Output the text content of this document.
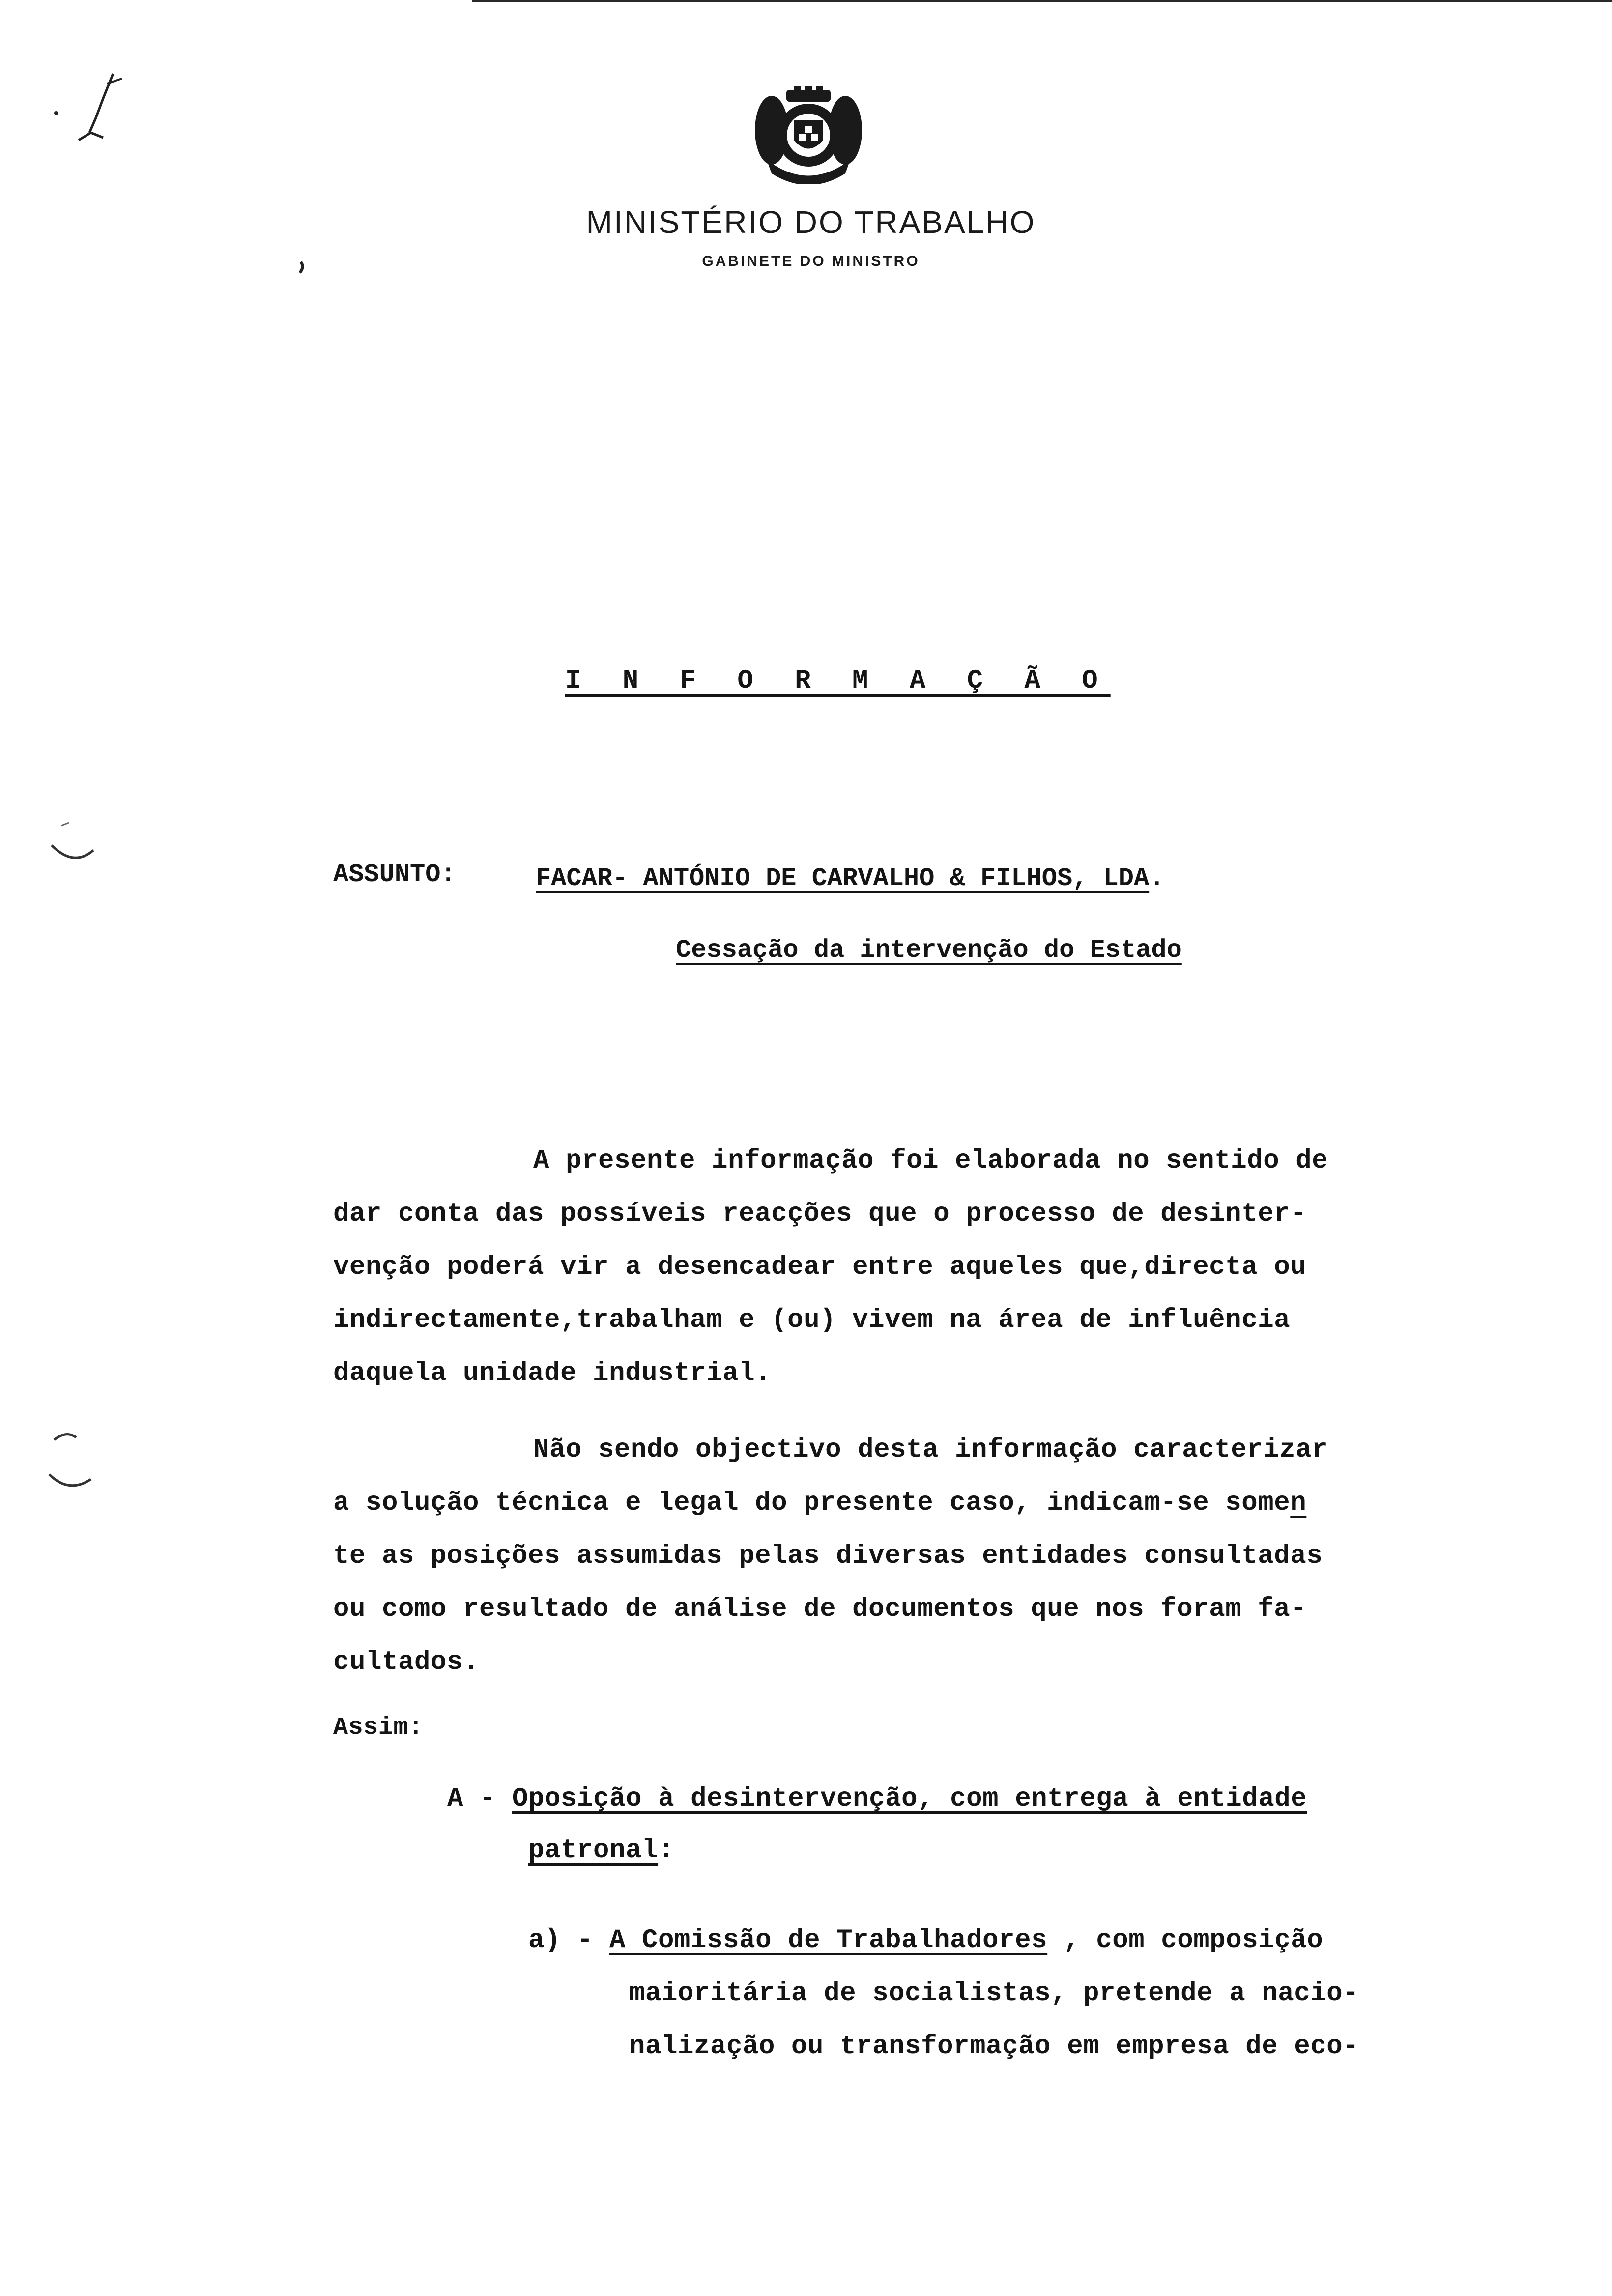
MINISTÉRIO DO TRABALHO
GABINETE DO MINISTRO
I N F O R M A Ç Ã O
ASSUNTO:	FACAR- ANTÓNIO DE CARVALHO & FILHOS, LDA.
Cessação da intervenção do Estado
A presente informação foi elaborada no sentido de
dar conta das possíveis reacções que o processo de desinter-
venção poderá vir a desencadear entre aqueles que,directa ou
indirectamente,trabalham e (ou) vivem na área de influência
daquela unidade industrial.
Não sendo objectivo desta informação caracterizar
a solução técnica e legal do presente caso, indicam-se somen
te as posições assumidas pelas diversas entidades consultadas
ou como resultado de análise de documentos que nos foram fa-
cultados.
Assim:
A - Oposição à desintervenção, com entrega à entidade
patronal:
a) - A Comissão de Trabalhadores , com composição
maioritária de socialistas, pretende a nacio-
nalização ou transformação em empresa de eco-
